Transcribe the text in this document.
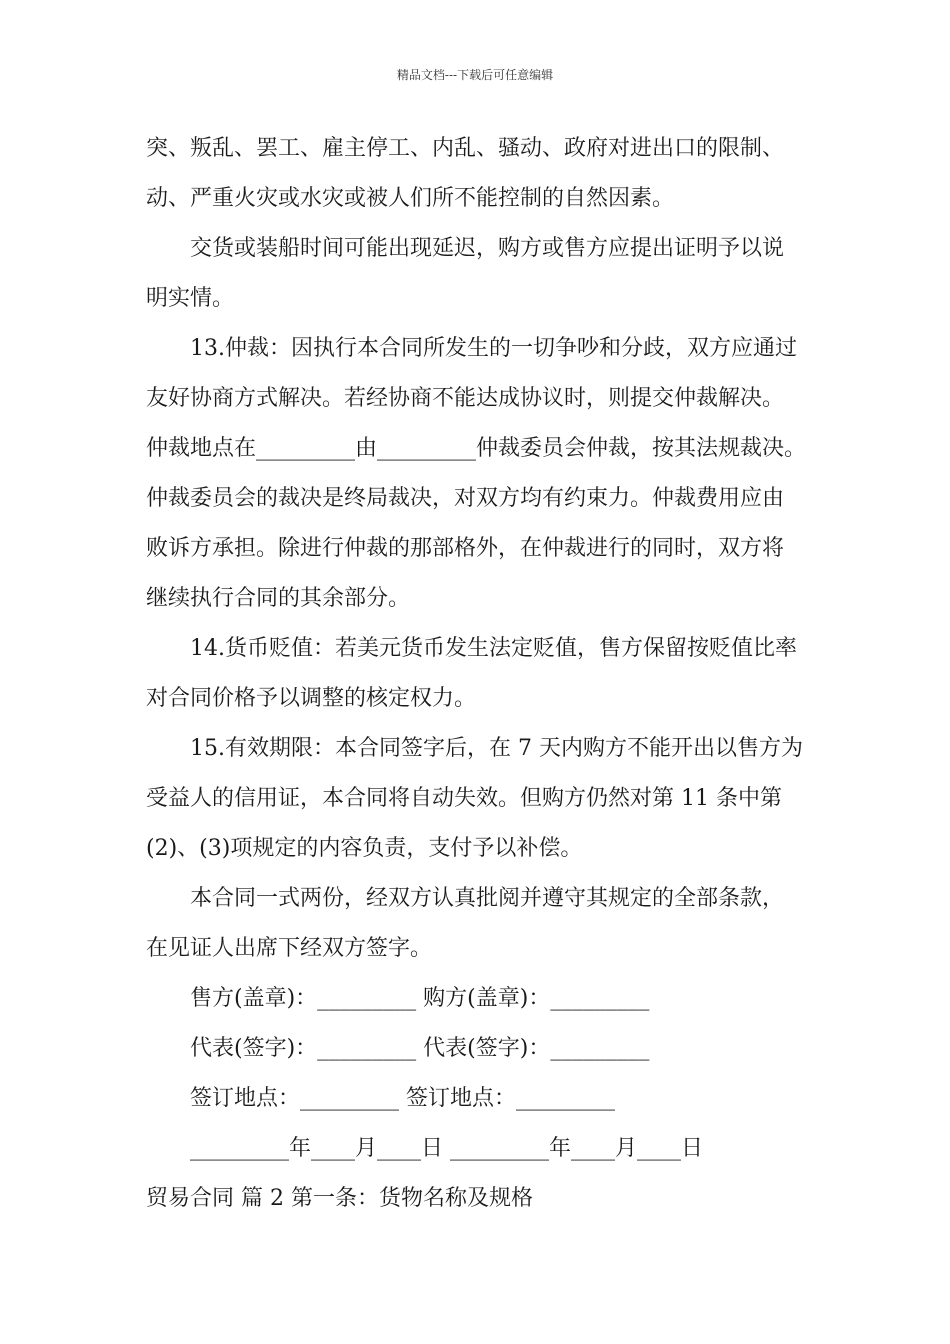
精品文档---下载后可任意编辑
突、叛乱、罢工、雇主停工、内乱、骚动、政府对进出口的限制、
动、严重火灾或水灾或被人们所不能控制的自然因素。
交货或装船时间可能出现延迟，购方或售方应提出证明予以说
明实情。
13.仲裁：因执行本合同所发生的一切争吵和分歧，双方应通过
友好协商方式解决。若经协商不能达成协议时，则提交仲裁解决。
仲裁地点在_________由_________仲裁委员会仲裁，按其法规裁决。
仲裁委员会的裁决是终局裁决，对双方均有约束力。仲裁费用应由
败诉方承担。除进行仲裁的那部格外，在仲裁进行的同时，双方将
继续执行合同的其余部分。
14.货币贬值：若美元货币发生法定贬值，售方保留按贬值比率
对合同价格予以调整的核定权力。
15.有效期限：本合同签字后，在 7 天内购方不能开出以售方为
受益人的信用证，本合同将自动失效。但购方仍然对第 11 条中第
(2)、(3)项规定的内容负责，支付予以补偿。
本合同一式两份，经双方认真批阅并遵守其规定的全部条款，
在见证人出席下经双方签字。
售方(盖章)：_________ 购方(盖章)：_________
代表(签字)：_________ 代表(签字)：_________
签订地点：_________ 签订地点：_________
_________年____月____日 _________年____月____日
贸易合同 篇 2 第一条：货物名称及规格
